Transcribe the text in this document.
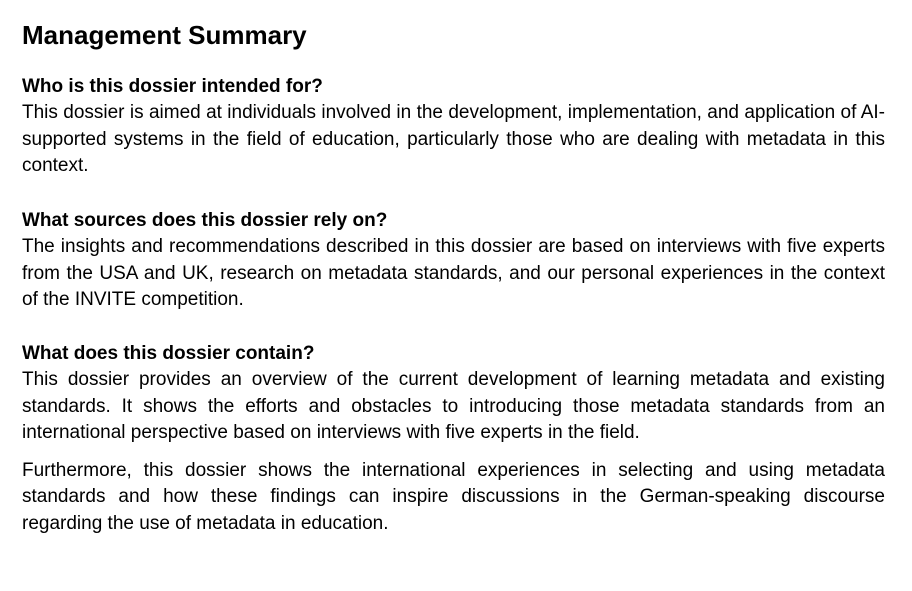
Management Summary
Who is this dossier intended for?

This dossier is aimed at individuals involved in the development, implementation, and application of AI-supported systems in the field of education, particularly those who are dealing with metadata in this context.

What sources does this dossier rely on?

The insights and recommendations described in this dossier are based on interviews with five experts from the USA and UK, research on metadata standards, and our personal experiences in the context of the INVITE competition.

What does this dossier contain?

This dossier provides an overview of the current development of learning metadata and existing standards. It shows the efforts and obstacles to introducing those metadata standards from an international perspective based on interviews with five experts in the field.

Furthermore, this dossier shows the international experiences in selecting and using metadata standards and how these findings can inspire discussions in the German-speaking discourse regarding the use of metadata in education.
